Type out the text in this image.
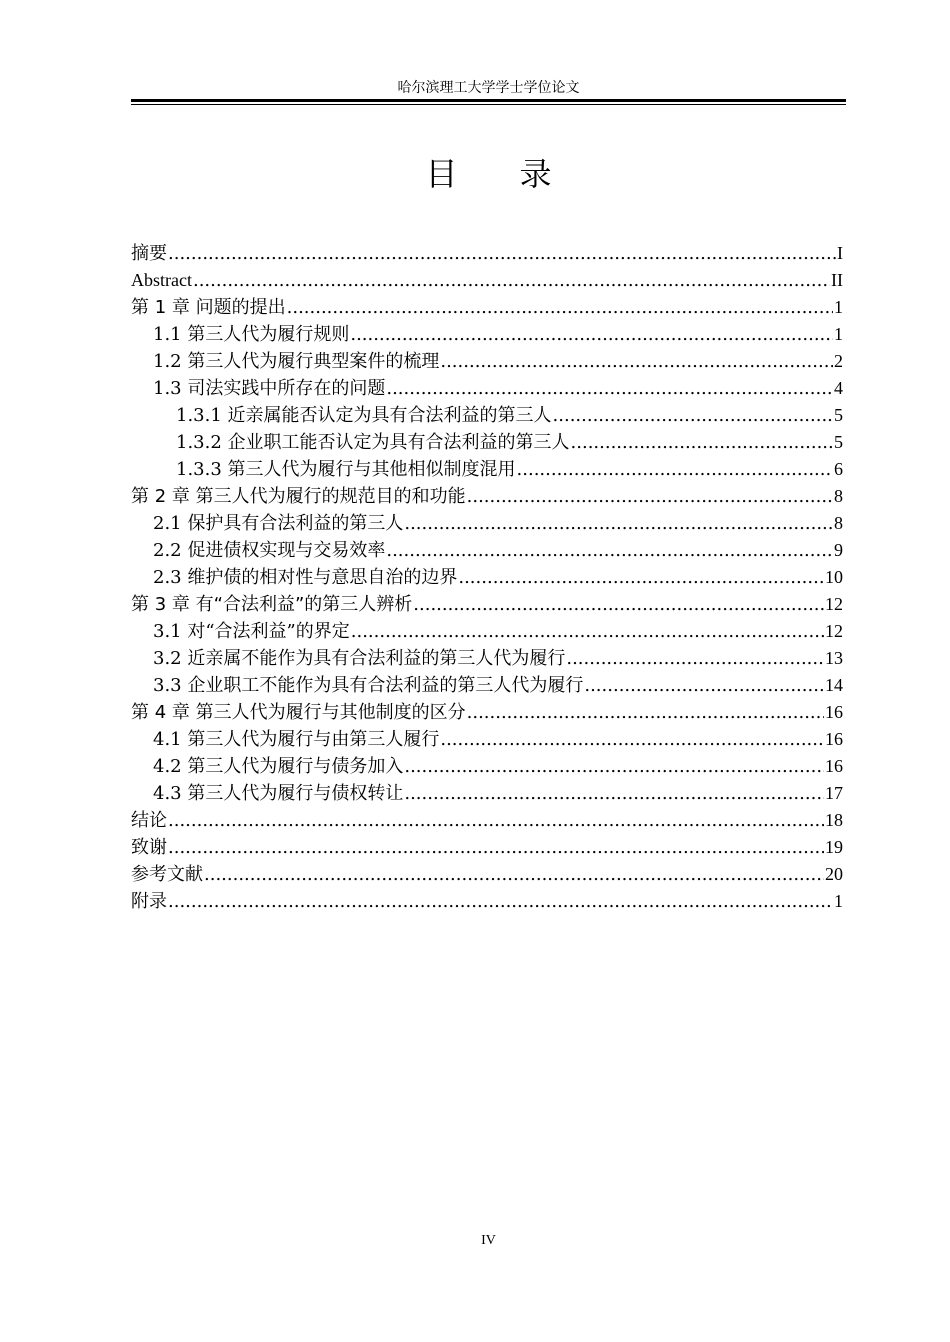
哈尔滨理工大学学士学位论文
目 录
摘要 .....	I
Abstract .....	II
第 1 章 问题的提出 .....	1
1.1 第三人代为履行规则 .....	1
1.2 第三人代为履行典型案件的梳理 .....	2
1.3 司法实践中所存在的问题 .....	4
1.3.1 近亲属能否认定为具有合法利益的第三人 .....	5
1.3.2 企业职工能否认定为具有合法利益的第三人 .....	5
1.3.3 第三人代为履行与其他相似制度混用 .....	6
第 2 章 第三人代为履行的规范目的和功能 .....	8
2.1 保护具有合法利益的第三人 .....	8
2.2 促进债权实现与交易效率 .....	9
2.3 维护债的相对性与意思自治的边界 .....	10
第 3 章 有“合法利益”的第三人辨析 .....	12
3.1 对“合法利益”的界定 .....	12
3.2 近亲属不能作为具有合法利益的第三人代为履行 .....	13
3.3 企业职工不能作为具有合法利益的第三人代为履行 .....	14
第 4 章 第三人代为履行与其他制度的区分 .....	16
4.1 第三人代为履行与由第三人履行 .....	16
4.2 第三人代为履行与债务加入 .....	16
4.3 第三人代为履行与债权转让 .....	17
结论 .....	18
致谢 .....	19
参考文献 .....	20
附录 .....	1
IV
